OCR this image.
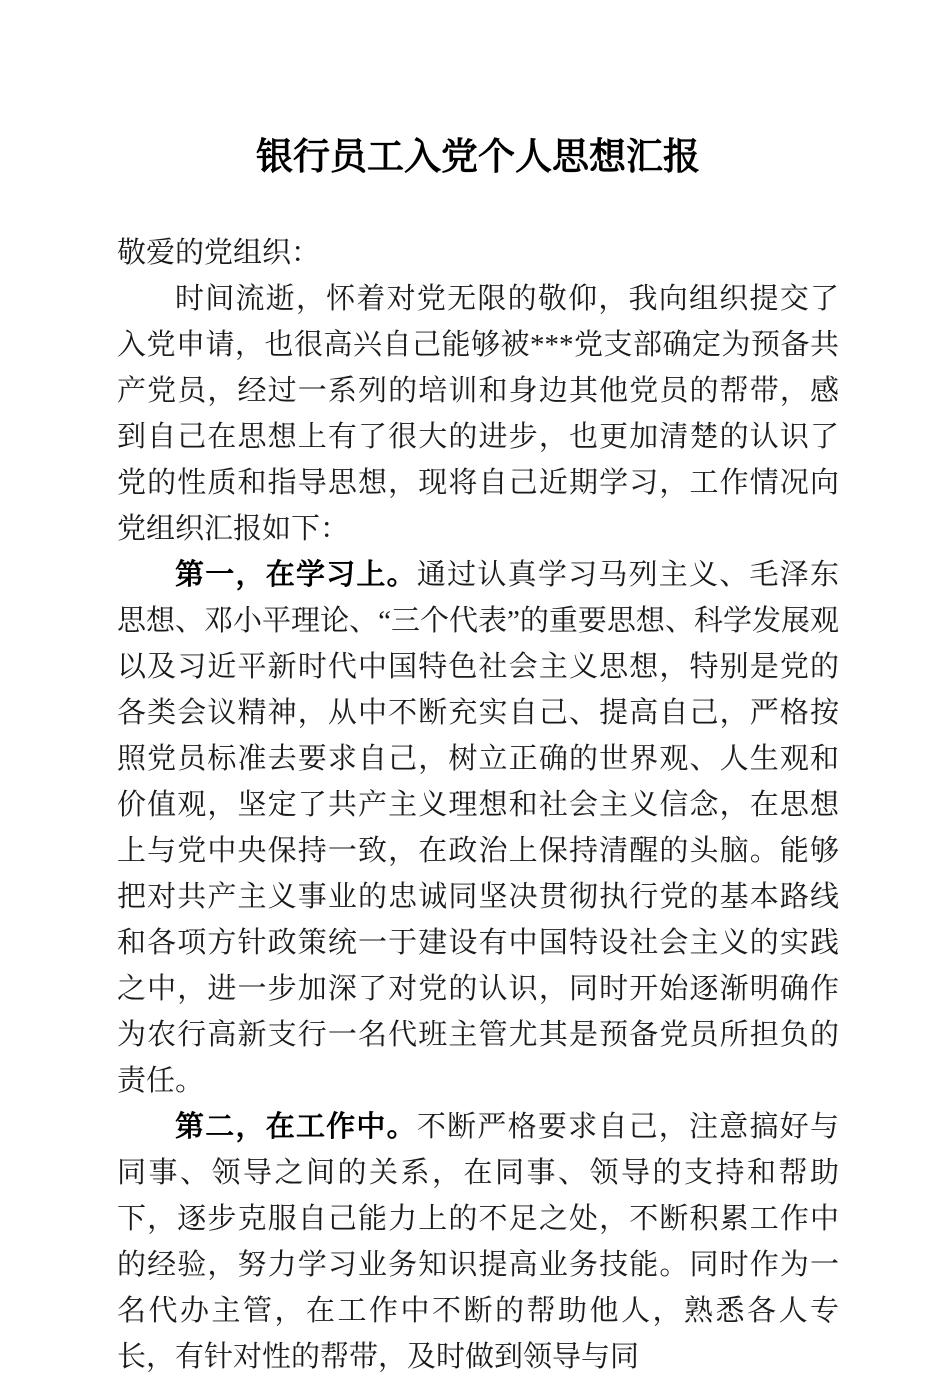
银行员工入党个人思想汇报

敬爱的党组织：

时间流逝，怀着对党无限的敬仰，我向组织提交了入党申请，也很高兴自己能够被***党支部确定为预备共产党员，经过一系列的培训和身边其他党员的帮带，感到自己在思想上有了很大的进步，也更加清楚的认识了党的性质和指导思想，现将自己近期学习，工作情况向党组织汇报如下：

第一，在学习上。通过认真学习马列主义、毛泽东思想、邓小平理论、“三个代表”的重要思想、科学发展观以及习近平新时代中国特色社会主义思想，特别是党的各类会议精神，从中不断充实自己、提高自己，严格按照党员标准去要求自己，树立正确的世界观、人生观和价值观，坚定了共产主义理想和社会主义信念，在思想上与党中央保持一致，在政治上保持清醒的头脑。能够把对共产主义事业的忠诚同坚决贯彻执行党的基本路线和各项方针政策统一于建设有中国特设社会主义的实践之中，进一步加深了对党的认识，同时开始逐渐明确作为农行高新支行一名代班主管尤其是预备党员所担负的责任。

第二，在工作中。不断严格要求自己，注意搞好与同事、领导之间的关系，在同事、领导的支持和帮助下，逐步克服自己能力上的不足之处，不断积累工作中的经验，努力学习业务知识提高业务技能。同时作为一名代办主管，在工作中不断的帮助他人，熟悉各人专长，有针对性的帮带，及时做到领导与同
